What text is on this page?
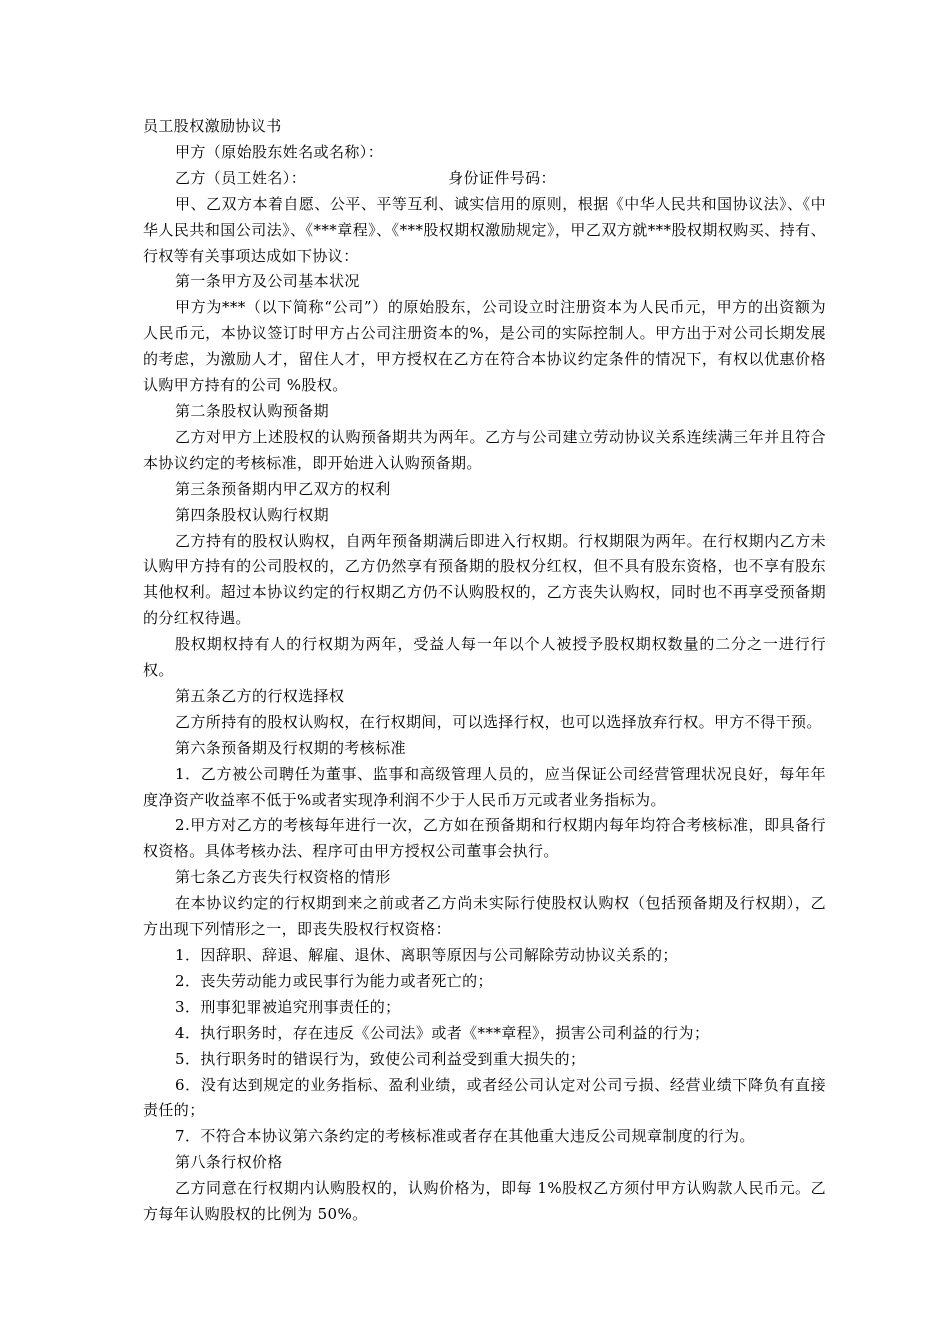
员工股权激励协议书

甲方（原始股东姓名或名称）：

乙方（员工姓名）：	身份证件号码：

甲、乙双方本着自愿、公平、平等互利、诚实信用的原则，根据《中华人民共和国协议法》、《中华人民共和国公司法》、《***章程》、《***股权期权激励规定》，甲乙双方就***股权期权购买、持有、行权等有关事项达成如下协议：

第一条甲方及公司基本状况

甲方为***（以下简称“公司”）的原始股东，公司设立时注册资本为人民币元，甲方的出资额为人民币元，本协议签订时甲方占公司注册资本的%，是公司的实际控制人。甲方出于对公司长期发展的考虑，为激励人才，留住人才，甲方授权在乙方在符合本协议约定条件的情况下，有权以优惠价格认购甲方持有的公司 %股权。

第二条股权认购预备期

乙方对甲方上述股权的认购预备期共为两年。乙方与公司建立劳动协议关系连续满三年并且符合本协议约定的考核标准，即开始进入认购预备期。

第三条预备期内甲乙双方的权利

第四条股权认购行权期

乙方持有的股权认购权，自两年预备期满后即进入行权期。行权期限为两年。在行权期内乙方未认购甲方持有的公司股权的，乙方仍然享有预备期的股权分红权，但不具有股东资格，也不享有股东其他权利。超过本协议约定的行权期乙方仍不认购股权的，乙方丧失认购权，同时也不再享受预备期的分红权待遇。

股权期权持有人的行权期为两年，受益人每一年以个人被授予股权期权数量的二分之一进行行权。

第五条乙方的行权选择权

乙方所持有的股权认购权，在行权期间，可以选择行权，也可以选择放弃行权。甲方不得干预。

第六条预备期及行权期的考核标准

1．乙方被公司聘任为董事、监事和高级管理人员的，应当保证公司经营管理状况良好，每年年度净资产收益率不低于%或者实现净利润不少于人民币万元或者业务指标为。

2.甲方对乙方的考核每年进行一次，乙方如在预备期和行权期内每年均符合考核标准，即具备行权资格。具体考核办法、程序可由甲方授权公司董事会执行。

第七条乙方丧失行权资格的情形

在本协议约定的行权期到来之前或者乙方尚未实际行使股权认购权（包括预备期及行权期），乙方出现下列情形之一，即丧失股权行权资格：

1．因辞职、辞退、解雇、退休、离职等原因与公司解除劳动协议关系的；

2．丧失劳动能力或民事行为能力或者死亡的；

3．刑事犯罪被追究刑事责任的；

4．执行职务时，存在违反《公司法》或者《***章程》，损害公司利益的行为；

5．执行职务时的错误行为，致使公司利益受到重大损失的；

6．没有达到规定的业务指标、盈利业绩，或者经公司认定对公司亏损、经营业绩下降负有直接责任的；

7．不符合本协议第六条约定的考核标准或者存在其他重大违反公司规章制度的行为。

第八条行权价格

乙方同意在行权期内认购股权的，认购价格为，即每 1%股权乙方须付甲方认购款人民币元。乙方每年认购股权的比例为 50%。
